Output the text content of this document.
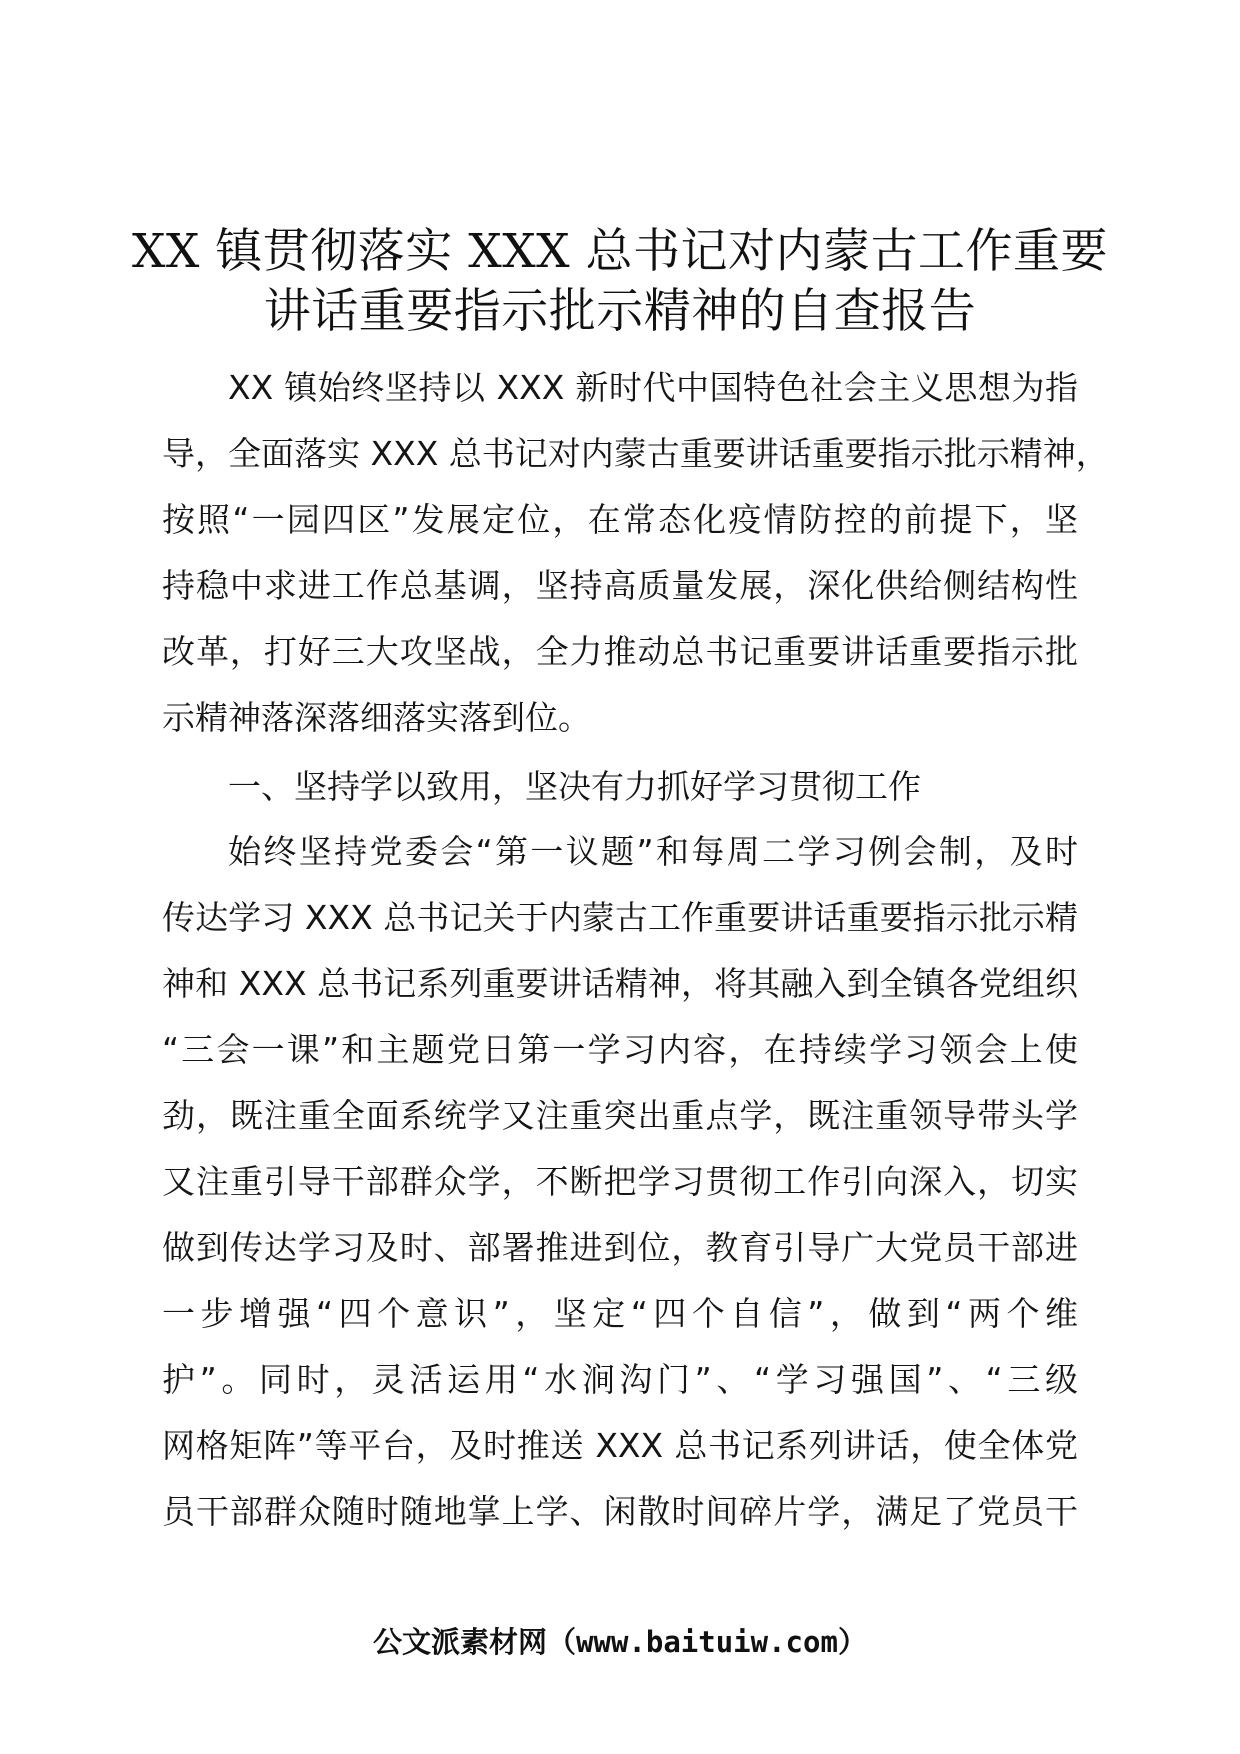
XX 镇贯彻落实 XXX 总书记对内蒙古工作重要
讲话重要指示批示精神的自查报告
XX 镇始终坚持以 XXX 新时代中国特色社会主义思想为指
导，全面落实 XXX 总书记对内蒙古重要讲话重要指示批示精神，
按照“一园四区”发展定位，在常态化疫情防控的前提下，坚
持稳中求进工作总基调，坚持高质量发展，深化供给侧结构性
改革，打好三大攻坚战，全力推动总书记重要讲话重要指示批
示精神落深落细落实落到位。
一、坚持学以致用，坚决有力抓好学习贯彻工作
始终坚持党委会“第一议题”和每周二学习例会制，及时
传达学习 XXX 总书记关于内蒙古工作重要讲话重要指示批示精
神和 XXX 总书记系列重要讲话精神，将其融入到全镇各党组织
“三会一课”和主题党日第一学习内容，在持续学习领会上使
劲，既注重全面系统学又注重突出重点学，既注重领导带头学
又注重引导干部群众学，不断把学习贯彻工作引向深入，切实
做到传达学习及时、部署推进到位，教育引导广大党员干部进
一步增强“四个意识”，坚定“四个自信”，做到“两个维
护”。同时，灵活运用“水涧沟门”、“学习强国”、“三级
网格矩阵”等平台，及时推送 XXX 总书记系列讲话，使全体党
员干部群众随时随地掌上学、闲散时间碎片学，满足了党员干
公文派素材网（www.baituiw.com）
